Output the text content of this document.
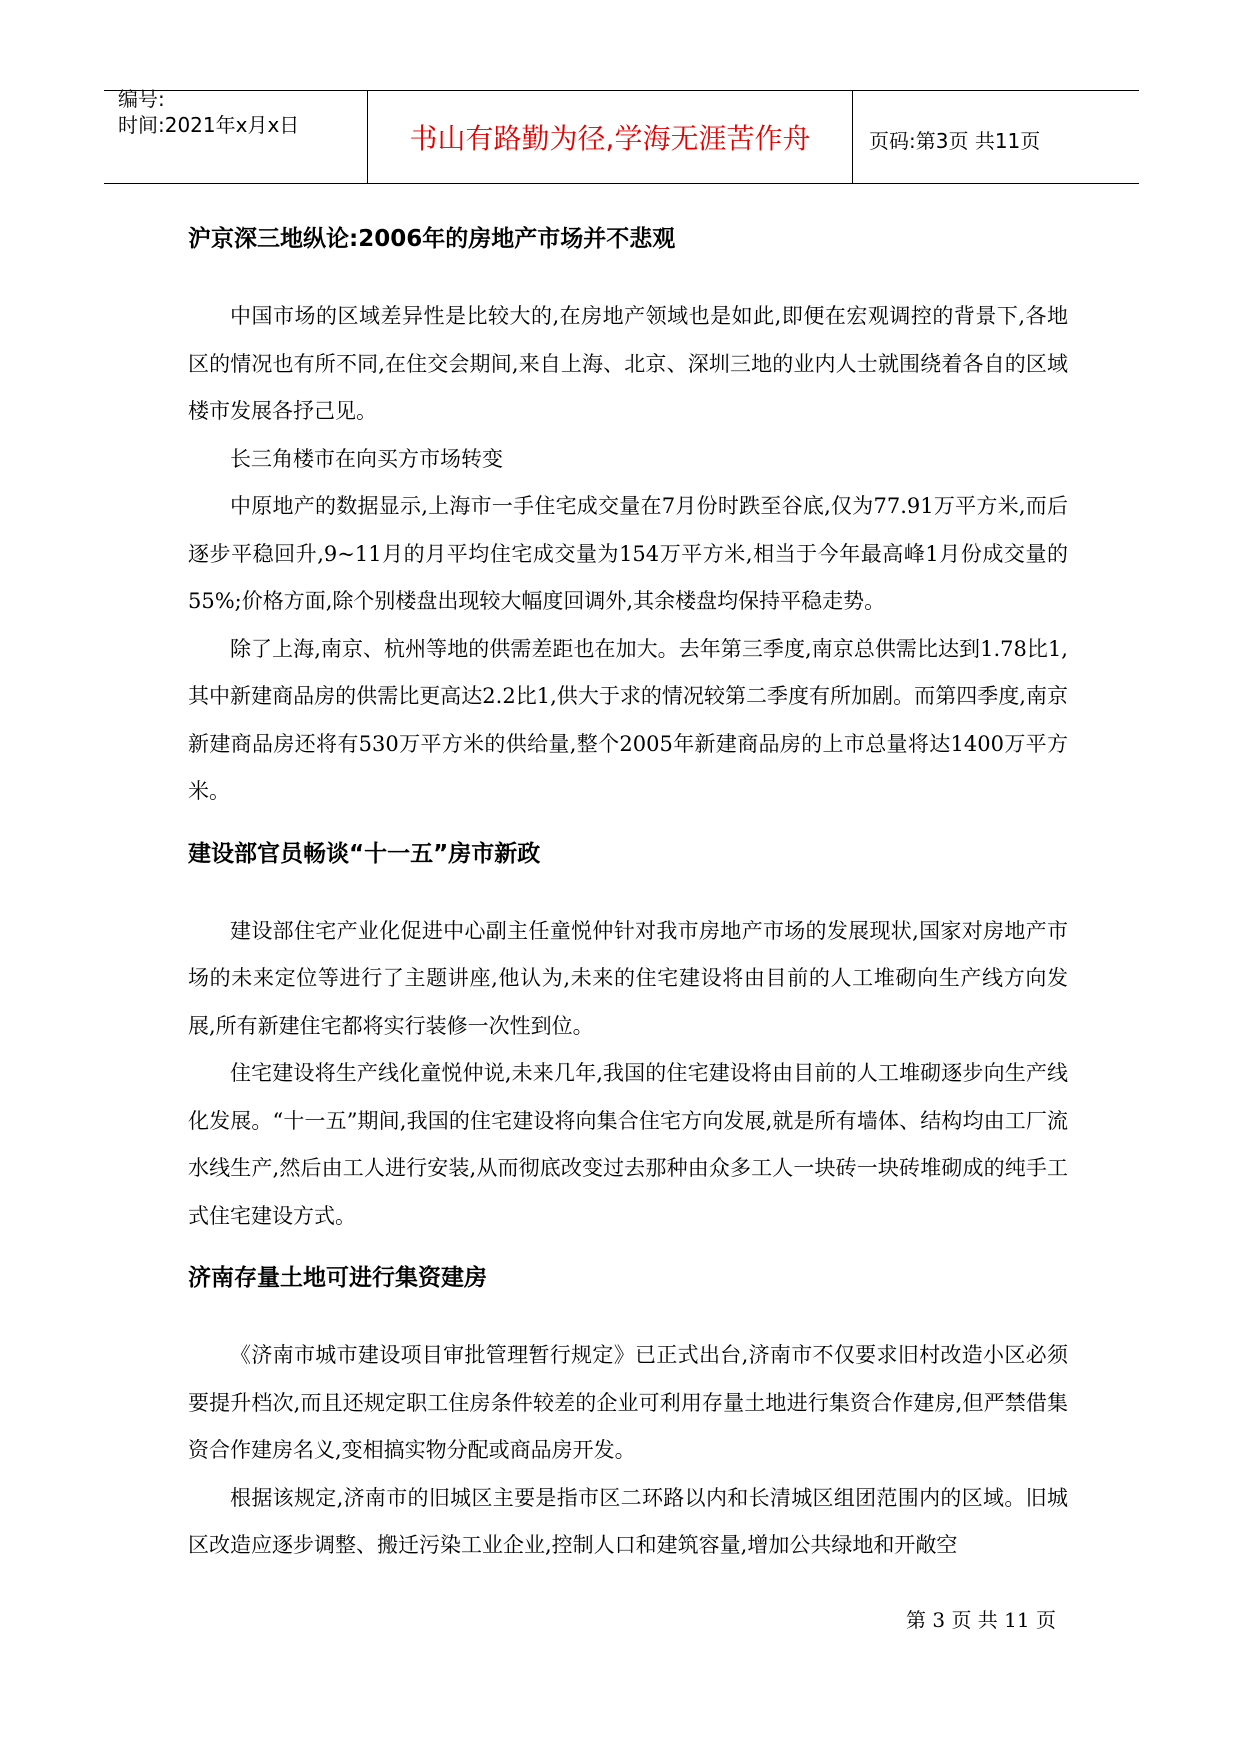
编号:
时间:2021年x月x日	书山有路勤为径,学海无涯苦作舟	页码:第3页 共11页
沪京深三地纵论:2006年的房地产市场并不悲观

中国市场的区域差异性是比较大的,在房地产领域也是如此,即便在宏观调控的背景下,各地区的情况也有所不同,在住交会期间,来自上海、北京、深圳三地的业内人士就围绕着各自的区域楼市发展各抒己见。

长三角楼市在向买方市场转变

中原地产的数据显示,上海市一手住宅成交量在7月份时跌至谷底,仅为77.91万平方米,而后逐步平稳回升,9~11月的月平均住宅成交量为154万平方米,相当于今年最高峰1月份成交量的55%;价格方面,除个别楼盘出现较大幅度回调外,其余楼盘均保持平稳走势。

除了上海,南京、杭州等地的供需差距也在加大。去年第三季度,南京总供需比达到1.78比1,其中新建商品房的供需比更高达2.2比1,供大于求的情况较第二季度有所加剧。而第四季度,南京新建商品房还将有530万平方米的供给量,整个2005年新建商品房的上市总量将达1400万平方米。

建设部官员畅谈“十一五”房市新政

建设部住宅产业化促进中心副主任童悦仲针对我市房地产市场的发展现状,国家对房地产市场的未来定位等进行了主题讲座,他认为,未来的住宅建设将由目前的人工堆砌向生产线方向发展,所有新建住宅都将实行装修一次性到位。

住宅建设将生产线化童悦仲说,未来几年,我国的住宅建设将由目前的人工堆砌逐步向生产线化发展。“十一五”期间,我国的住宅建设将向集合住宅方向发展,就是所有墙体、结构均由工厂流水线生产,然后由工人进行安装,从而彻底改变过去那种由众多工人一块砖一块砖堆砌成的纯手工式住宅建设方式。

济南存量土地可进行集资建房

《济南市城市建设项目审批管理暂行规定》已正式出台,济南市不仅要求旧村改造小区必须要提升档次,而且还规定职工住房条件较差的企业可利用存量土地进行集资合作建房,但严禁借集资合作建房名义,变相搞实物分配或商品房开发。

根据该规定,济南市的旧城区主要是指市区二环路以内和长清城区组团范围内的区域。旧城区改造应逐步调整、搬迁污染工业企业,控制人口和建筑容量,增加公共绿地和开敞空

第 3 页 共 11 页
